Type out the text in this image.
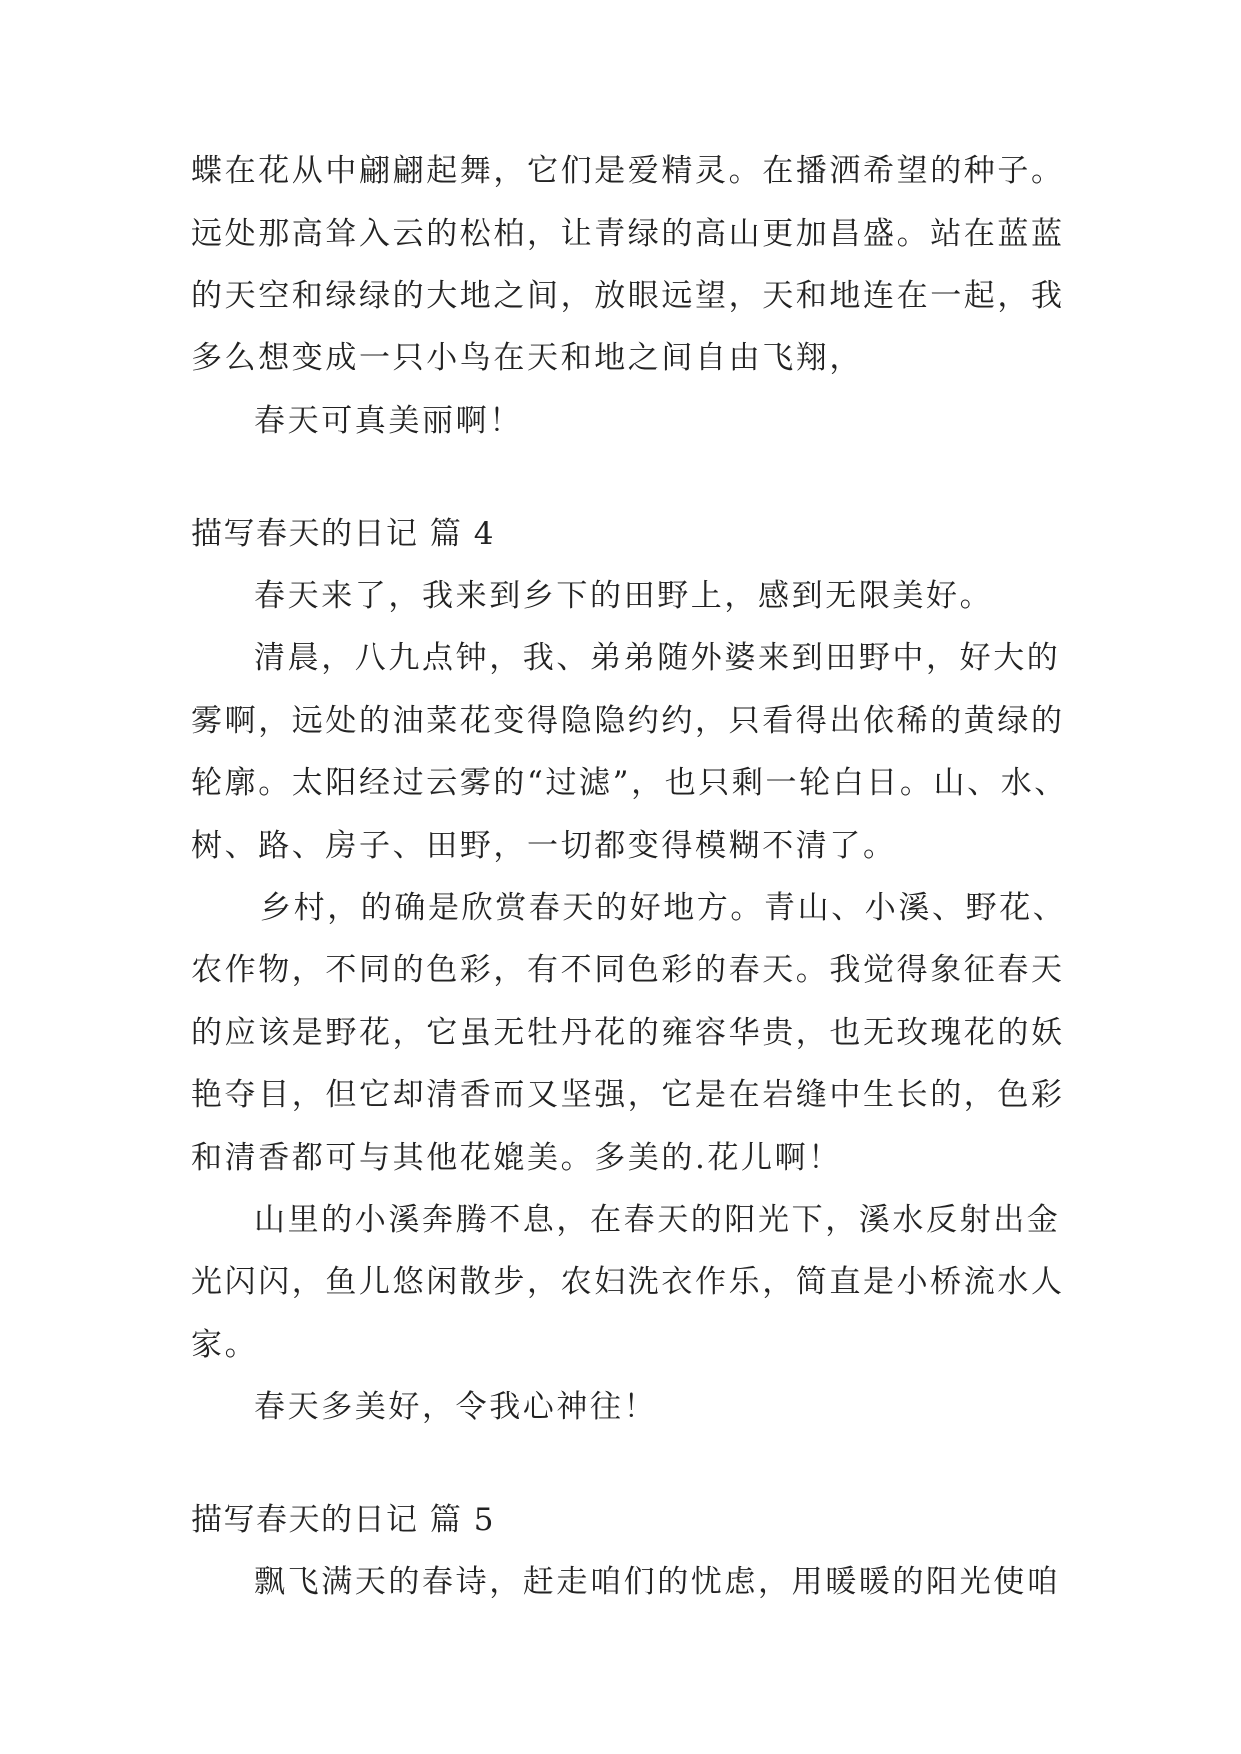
蝶在花从中翩翩起舞，它们是爱精灵。在播洒希望的种子。

远处那高耸入云的松柏，让青绿的高山更加昌盛。站在蓝蓝

的天空和绿绿的大地之间，放眼远望，天和地连在一起，我

多么想变成一只小鸟在天和地之间自由飞翔，

春天可真美丽啊！

描写春天的日记 篇 4

春天来了，我来到乡下的田野上，感到无限美好。

清晨，八九点钟，我、弟弟随外婆来到田野中，好大的

雾啊，远处的油菜花变得隐隐约约，只看得出依稀的黄绿的

轮廓。太阳经过云雾的“过滤”，也只剩一轮白日。山、水、

树、路、房子、田野，一切都变得模糊不清了。

乡村，的确是欣赏春天的好地方。青山、小溪、野花、

农作物，不同的色彩，有不同色彩的春天。我觉得象征春天

的应该是野花，它虽无牡丹花的雍容华贵，也无玫瑰花的妖

艳夺目，但它却清香而又坚强，它是在岩缝中生长的，色彩

和清香都可与其他花媲美。多美的.花儿啊！

山里的小溪奔腾不息，在春天的阳光下，溪水反射出金

光闪闪，鱼儿悠闲散步，农妇洗衣作乐，简直是小桥流水人

家。

春天多美好，令我心神往！

描写春天的日记 篇 5

飘飞满天的春诗，赶走咱们的忧虑，用暖暖的阳光使咱
